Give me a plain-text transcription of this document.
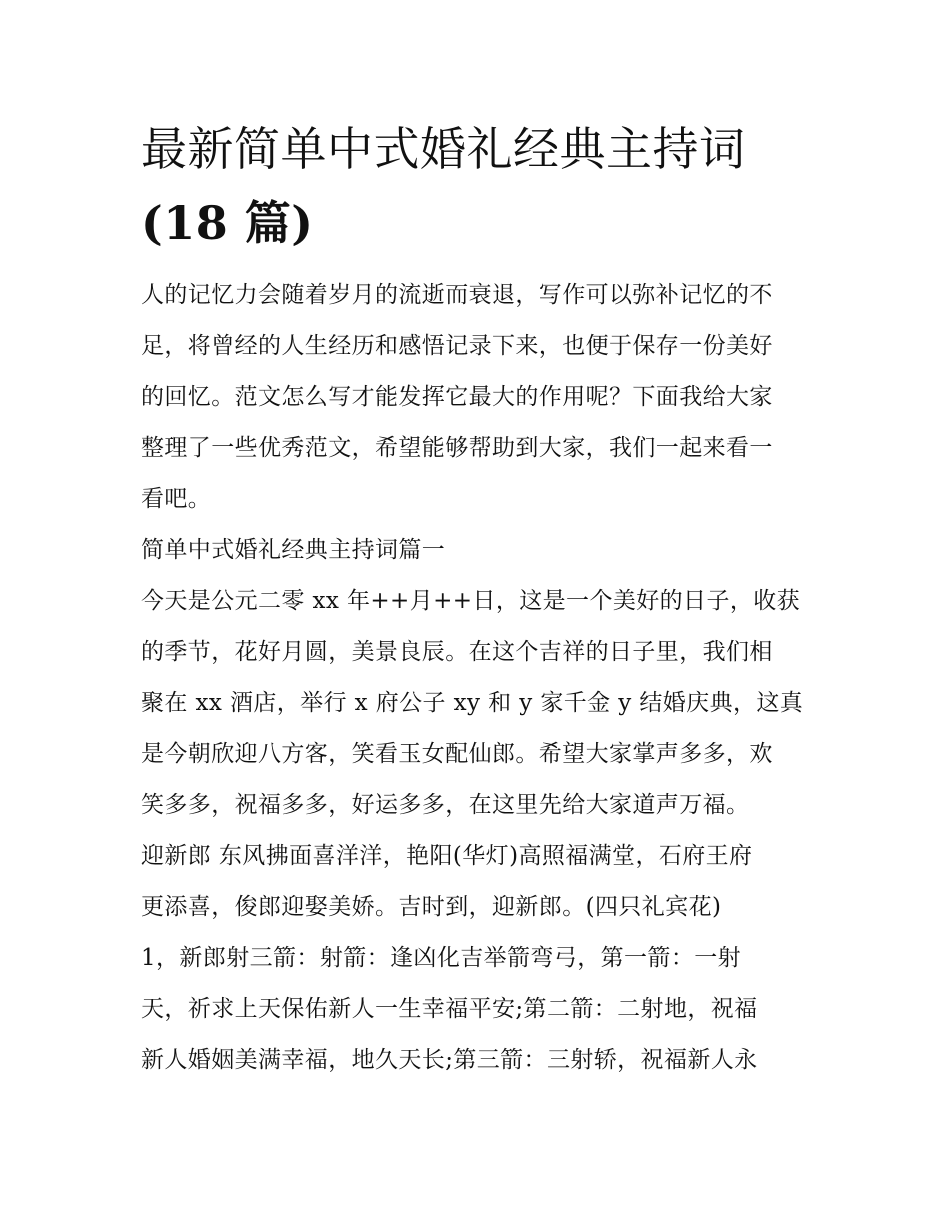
最新简单中式婚礼经典主持词
(18 篇)
人的记忆力会随着岁月的流逝而衰退，写作可以弥补记忆的不
足，将曾经的人生经历和感悟记录下来，也便于保存一份美好
的回忆。范文怎么写才能发挥它最大的作用呢？下面我给大家
整理了一些优秀范文，希望能够帮助到大家，我们一起来看一
看吧。
简单中式婚礼经典主持词篇一
今天是公元二零 xx 年++月++日，这是一个美好的日子，收获
的季节，花好月圆，美景良辰。在这个吉祥的日子里，我们相
聚在 xx 酒店，举行 x 府公子 xy 和 y 家千金 y 结婚庆典，这真
是今朝欣迎八方客，笑看玉女配仙郎。希望大家掌声多多，欢
笑多多，祝福多多，好运多多，在这里先给大家道声万福。
迎新郎 东风拂面喜洋洋，艳阳(华灯)高照福满堂，石府王府
更添喜，俊郎迎娶美娇。吉时到，迎新郎。(四只礼宾花)
1，新郎射三箭：射箭：逢凶化吉举箭弯弓，第一箭：一射
天，祈求上天保佑新人一生幸福平安;第二箭：二射地，祝福
新人婚姻美满幸福，地久天长;第三箭：三射轿，祝福新人永
